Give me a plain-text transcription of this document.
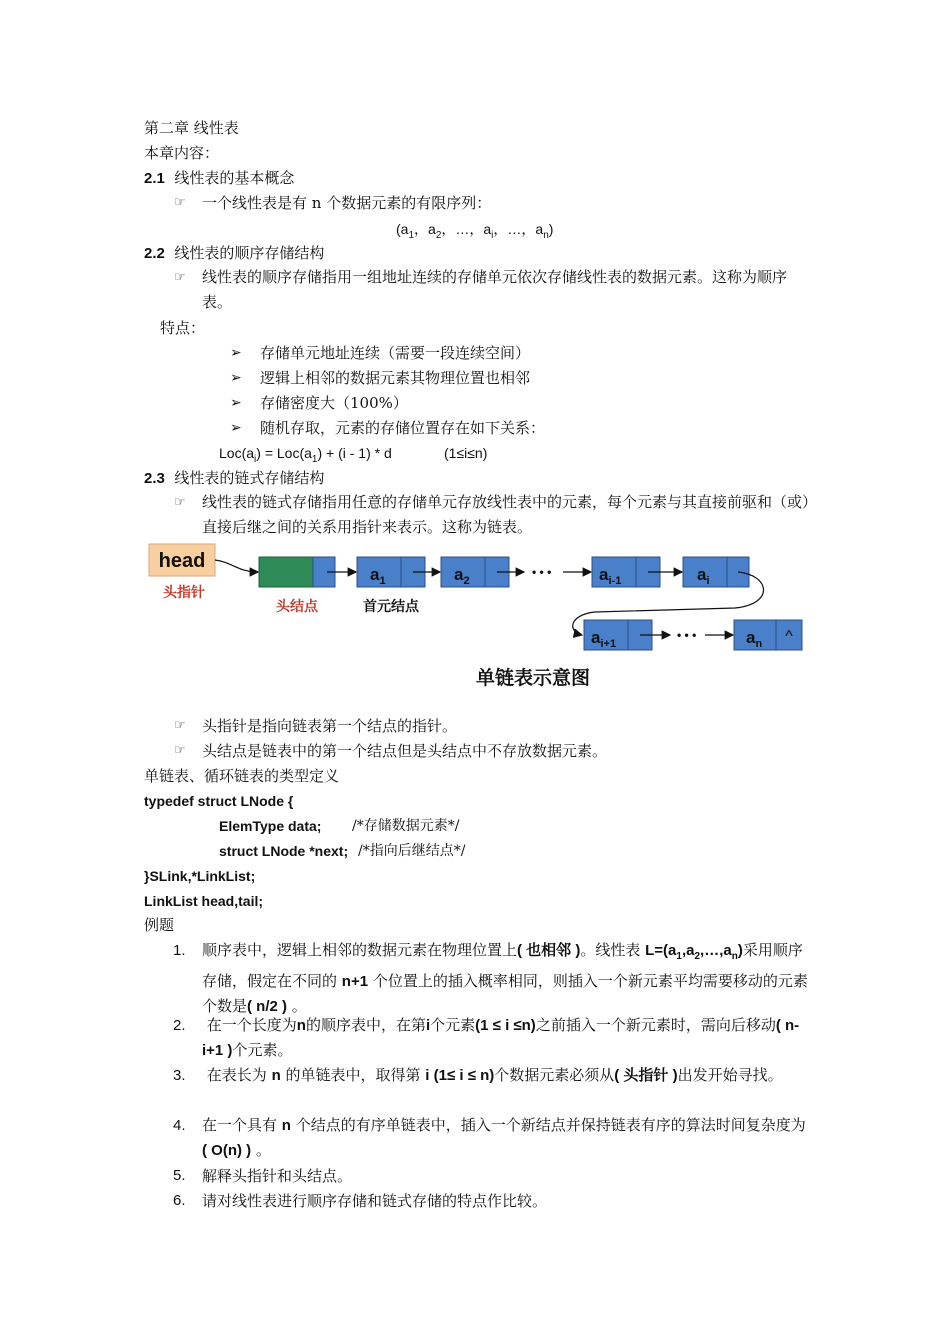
第二章 线性表
本章内容：
2.1 线性表的基本概念
☞ 一个线性表是有 n 个数据元素的有限序列：
($a_1$，$a_2$，…，$a_i$，…，$a_n$)
2.2 线性表的顺序存储结构
☞ 线性表的顺序存储指用一组地址连续的存储单元依次存储线性表的数据元素。这称为顺序表。
特点：
➢ 存储单元地址连续（需要一段连续空间）
➢ 逻辑上相邻的数据元素其物理位置也相邻
➢ 存储密度大（100%）
➢ 随机存取，元素的存储位置存在如下关系：
$Loc(a_i) = Loc(a_1) + (i - 1) * d$	(1≤i≤n)
2.3 线性表的链式存储结构
☞ 线性表的链式存储指用任意的存储单元存放线性表中的元素，每个元素与其直接前驱和（或）直接后继之间的关系用指针来表示。这称为链表。
head
头指针
头结点	首元结点
$a_1$	$a_2$
• • •	$a_{i-1}$	$a_i$
$a_{i+1}$
• • •	$a_n$ ^
单链表示意图
☞ 头指针是指向链表第一个结点的指针。
☞ 头结点是链表中的第一个结点但是头结点中不存放数据元素。
单链表、循环链表的类型定义
typedef struct LNode {
ElemType data; /*存储数据元素*/
struct LNode *next; /*指向后继结点*/
}SLink,*LinkList;
LinkList head,tail;
例题
1. 顺序表中，逻辑上相邻的数据元素在物理位置上( 也相邻 )。线性表 $L=(a_1,a_2,\dots,a_n)$采用顺序存储，假定在不同的 n+1 个位置上的插入概率相同，则插入一个新元素平均需要移动的元素个数是( n/2 ) 。
2.	在一个长度为n的顺序表中，在第i个元素(1 ≤ i ≤n)之前插入一个新元素时，需向后移动( n-i+1 )个元素。
3.	在表长为 n 的单链表中，取得第 i (1≤ i ≤ n)个数据元素必须从( 头指针 )出发开始寻找。
4. 在一个具有 n 个结点的有序单链表中，插入一个新结点并保持链表有序的算法时间复杂度为( O(n) ) 。
5. 解释头指针和头结点。
6. 请对线性表进行顺序存储和链式存储的特点作比较。
